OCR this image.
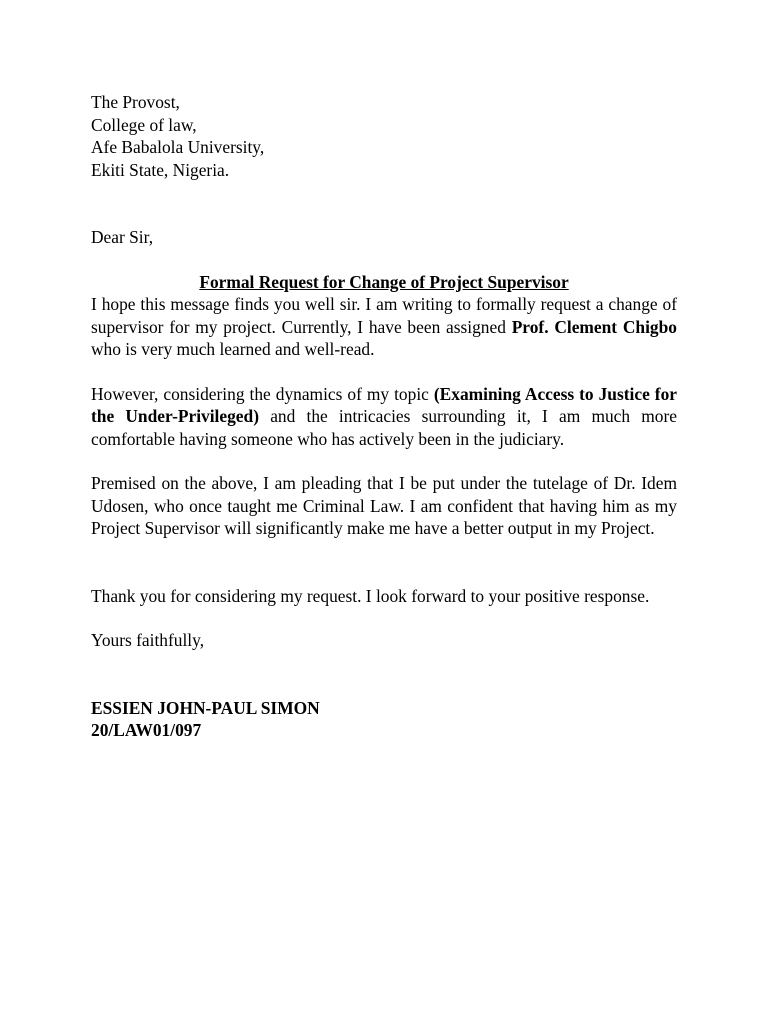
The Provost,
College of law,
Afe Babalola University,
Ekiti State, Nigeria.
Dear Sir,
Formal Request for Change of Project Supervisor

I hope this message finds you well sir. I am writing to formally request a change of supervisor for my project. Currently, I have been assigned Prof. Clement Chigbo who is very much learned and well-read.

However, considering the dynamics of my topic (Examining Access to Justice for the Under-Privileged) and the intricacies surrounding it, I am much more comfortable having someone who has actively been in the judiciary.

Premised on the above, I am pleading that I be put under the tutelage of Dr. Idem Udosen, who once taught me Criminal Law. I am confident that having him as my Project Supervisor will significantly make me have a better output in my Project.

Thank you for considering my request. I look forward to your positive response.

Yours faithfully,

ESSIEN JOHN-PAUL SIMON
20/LAW01/097
